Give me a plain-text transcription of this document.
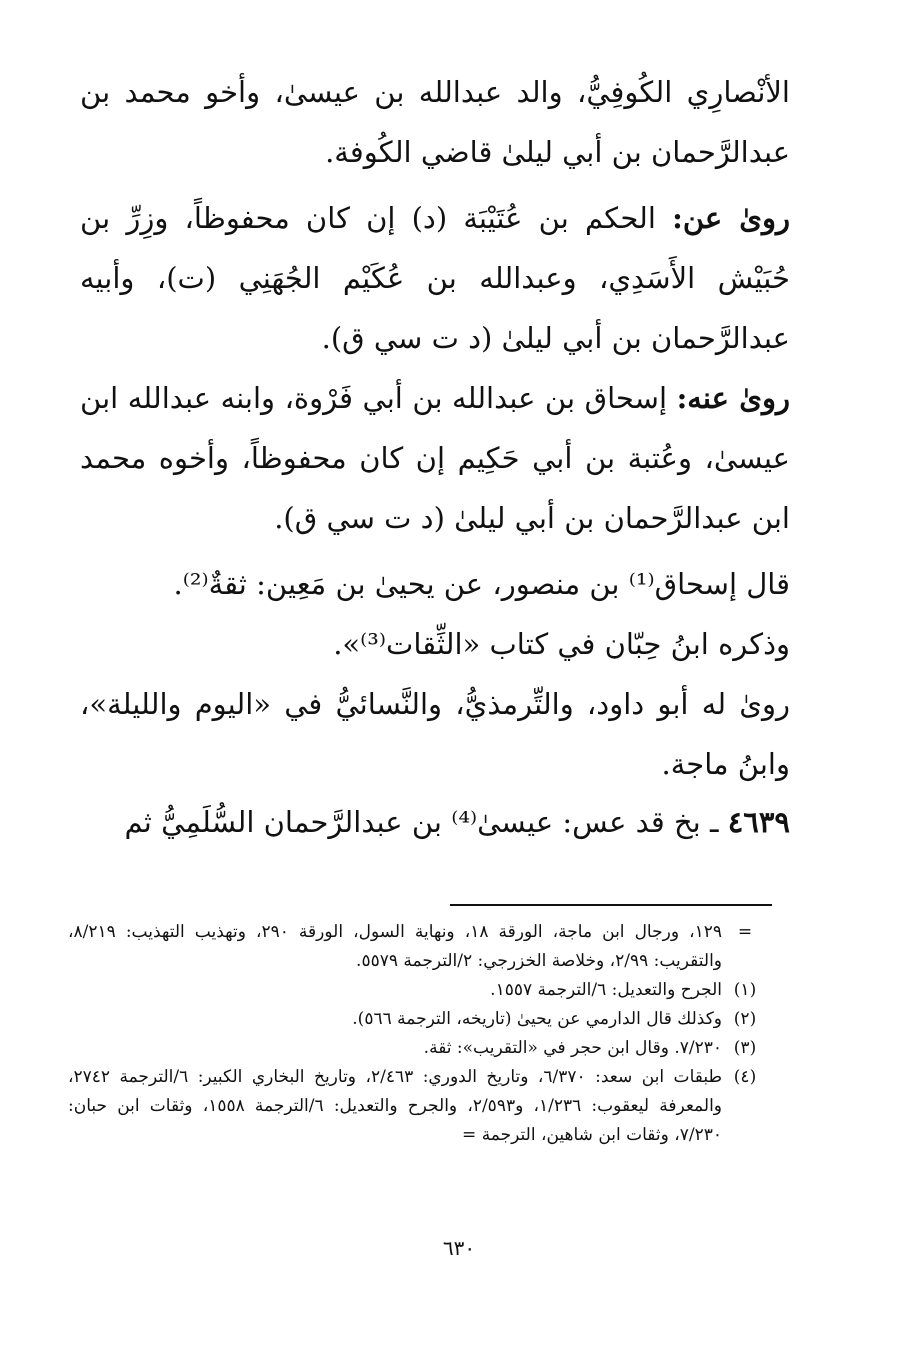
الأنْصارِي الكُوفِيُّ، والد عبدالله بن عيسىٰ، وأخو محمد بن عبدالرَّحمان بن أبي ليلىٰ قاضي الكُوفة.

روىٰ عن: الحكم بن عُتَيْبَة (د) إن كان محفوظاً، وزِرِّ بن حُبَيْش الأَسَدِي، وعبدالله بن عُكَيْم الجُهَنِي (ت)، وأبيه عبدالرَّحمان بن أبي ليلىٰ (د ت سي ق).

روىٰ عنه: إسحاق بن عبدالله بن أبي فَرْوة، وابنه عبدالله ابن عيسىٰ، وعُتبة بن أبي حَكِيم إن كان محفوظاً، وأخوه محمد ابن عبدالرَّحمان بن أبي ليلىٰ (د ت سي ق).

قال إسحاق⁽¹⁾ بن منصور، عن يحيىٰ بن مَعِين: ثقةٌ⁽²⁾.

وذكره ابنُ حِبّان في كتاب «الثِّقات⁽³⁾».

روىٰ له أبو داود، والتِّرمذيُّ، والنَّسائيُّ في «اليوم والليلة»، وابنُ ماجة.

٤٦٣٩ ـ بخ قد عس: عيسىٰ⁽⁴⁾ بن عبدالرَّحمان السُّلَمِيُّ ثم
=
١٢٩، ورجال ابن ماجة، الورقة ١٨، ونهاية السول، الورقة ٢٩٠، وتهذيب التهذيب: ٨/٢١٩، والتقريب: ٢/٩٩، وخلاصة الخزرجي: ٢/الترجمة ٥٥٧٩.
(١)
الجرح والتعديل: ٦/الترجمة ١٥٥٧.
(٢)
وكذلك قال الدارمي عن يحيىٰ (تاريخه، الترجمة ٥٦٦).
(٣)
٧/٢٣٠. وقال ابن حجر في «التقريب»: ثقة.
(٤)
طبقات ابن سعد: ٦/٣٧٠، وتاريخ الدوري: ٢/٤٦٣، وتاريخ البخاري الكبير: ٦/الترجمة ٢٧٤٢، والمعرفة ليعقوب: ١/٢٣٦، و٢/٥٩٣، والجرح والتعديل: ٦/الترجمة ١٥٥٨، وثقات ابن حبان: ٧/٢٣٠، وثقات ابن شاهين، الترجمة =
٦٣٠
